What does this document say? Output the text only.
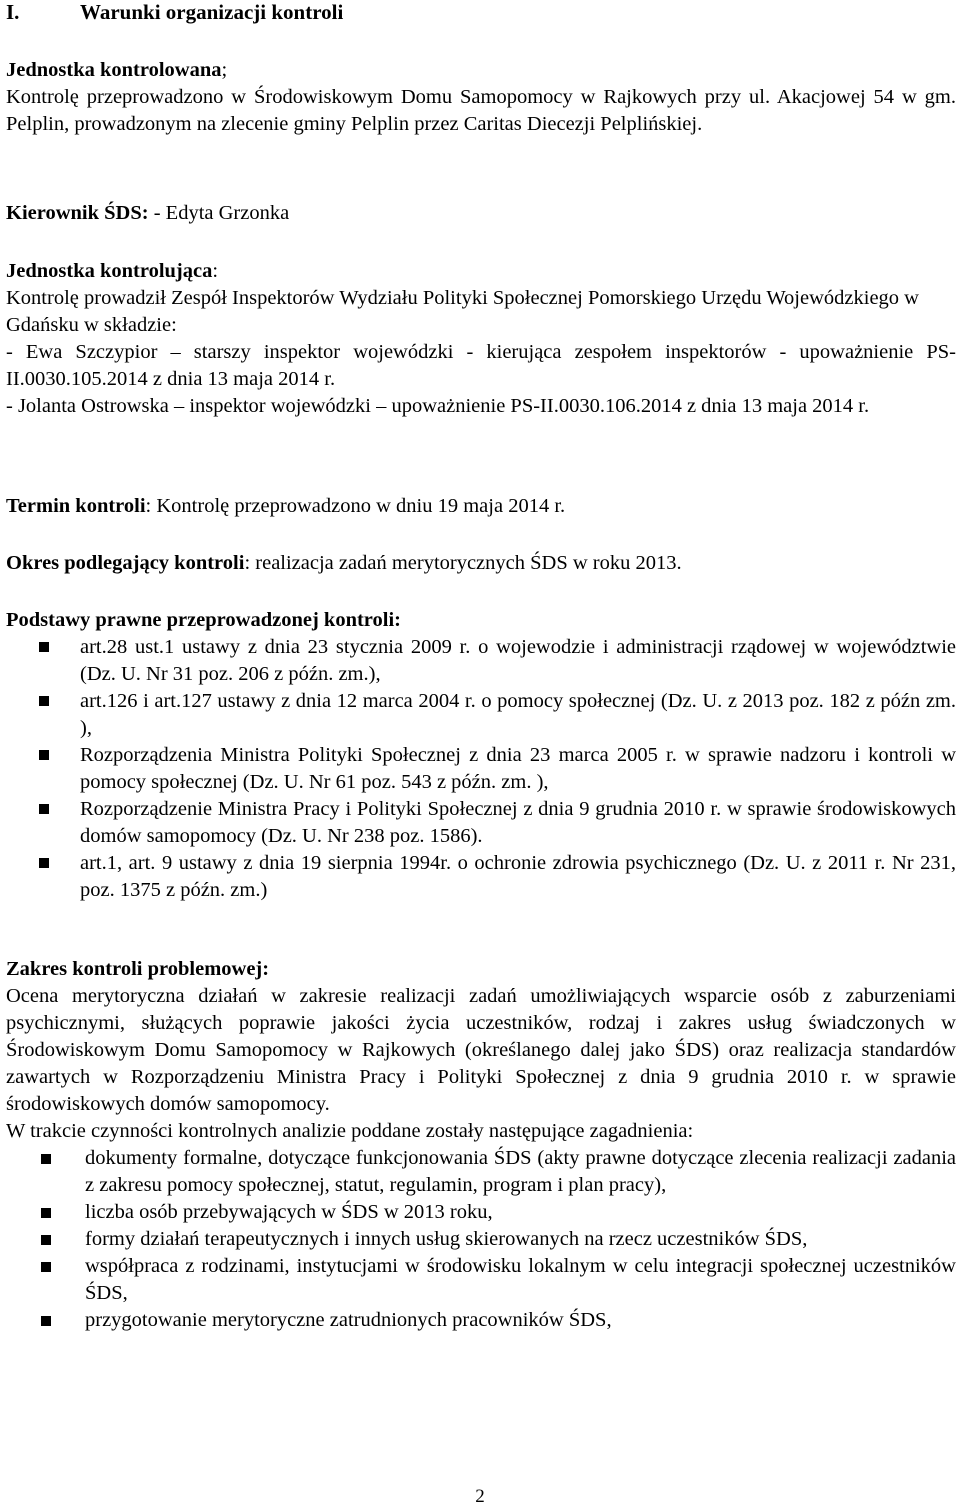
I.	Warunki organizacji kontroli
Jednostka kontrolowana;

Kontrolę przeprowadzono w Środowiskowym Domu Samopomocy w Rajkowych przy ul. Akacjowej 54 w gm. Pelplin, prowadzonym na zlecenie gminy Pelplin przez Caritas Diecezji Pelplińskiej.

Kierownik ŚDS: - Edyta Grzonka
Jednostka kontrolująca:

Kontrolę prowadził Zespół Inspektorów Wydziału Polityki Społecznej Pomorskiego Urzędu Wojewódzkiego w Gdańsku w składzie:

- Ewa Szczypior – starszy inspektor wojewódzki - kierująca zespołem inspektorów - upoważnienie PS-II.0030.105.2014 z dnia 13 maja 2014 r.

- Jolanta Ostrowska – inspektor wojewódzki – upoważnienie PS-II.0030.106.2014 z dnia 13 maja 2014 r.

Termin kontroli: Kontrolę przeprowadzono w dniu 19 maja 2014 r.
Okres podlegający kontroli: realizacja zadań merytorycznych ŚDS w roku 2013.
Podstawy prawne przeprowadzonej kontroli:
art.28 ust.1 ustawy z dnia 23 stycznia 2009 r. o wojewodzie i administracji rządowej w województwie (Dz. U. Nr 31 poz. 206 z późn. zm.),
art.126 i art.127 ustawy z dnia 12 marca 2004 r. o pomocy społecznej (Dz. U. z 2013 poz. 182 z późn zm. ),
Rozporządzenia Ministra Polityki Społecznej z dnia 23 marca 2005 r. w sprawie nadzoru i kontroli w pomocy społecznej (Dz. U. Nr 61 poz. 543 z późn. zm. ),
Rozporządzenie Ministra Pracy i Polityki Społecznej z dnia 9 grudnia 2010 r. w sprawie środowiskowych domów samopomocy (Dz. U. Nr 238 poz. 1586).
art.1, art. 9 ustawy z dnia 19 sierpnia 1994r. o ochronie zdrowia psychicznego (Dz. U. z 2011 r. Nr 231, poz. 1375 z późn. zm.)
Zakres kontroli problemowej:

Ocena merytoryczna działań w zakresie realizacji zadań umożliwiających wsparcie osób z zaburzeniami psychicznymi, służących poprawie jakości życia uczestników, rodzaj i zakres usług świadczonych w Środowiskowym Domu Samopomocy w Rajkowych (określanego dalej jako ŚDS) oraz realizacja standardów zawartych w Rozporządzeniu Ministra Pracy i Polityki Społecznej z dnia 9 grudnia 2010 r. w sprawie środowiskowych domów samopomocy.

W trakcie czynności kontrolnych analizie poddane zostały następujące zagadnienia:

dokumenty formalne, dotyczące funkcjonowania ŚDS (akty prawne dotyczące zlecenia realizacji zadania z zakresu pomocy społecznej, statut, regulamin, program i plan pracy),
liczba osób przebywających w ŚDS w 2013 roku,
formy działań terapeutycznych i innych usług skierowanych na rzecz uczestników ŚDS,
współpraca z rodzinami, instytucjami w środowisku lokalnym w celu integracji społecznej uczestników ŚDS,
przygotowanie merytoryczne zatrudnionych pracowników ŚDS,
2
